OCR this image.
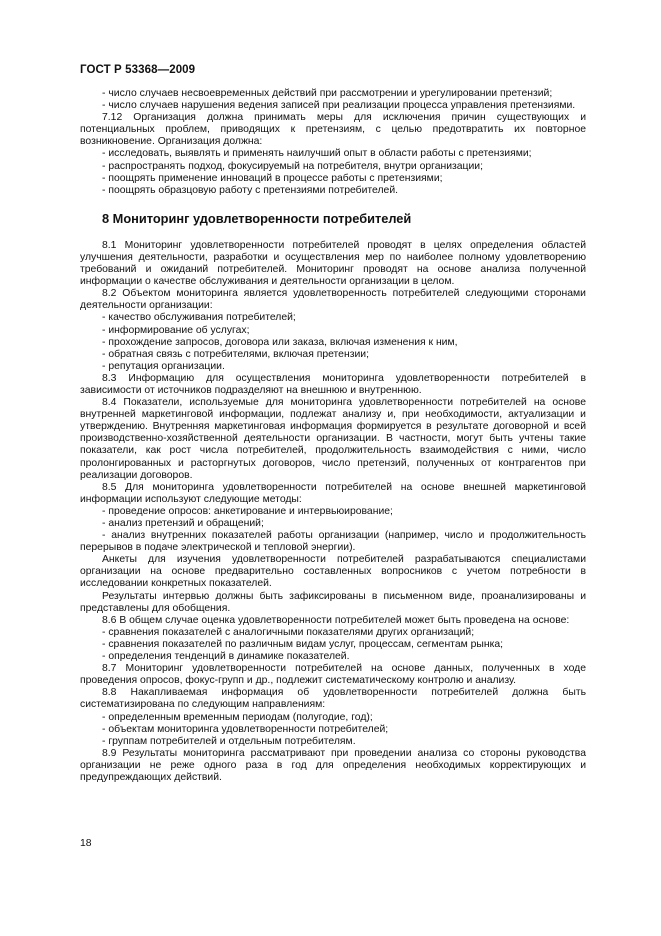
ГОСТ Р 53368—2009

- число случаев несвоевременных действий при рассмотрении и урегулировании претензий;

- число случаев нарушения ведения записей при реализации процесса управления претензиями.

7.12 Организация должна принимать меры для исключения причин существующих и потенциальных проблем, приводящих к претензиям, с целью предотвратить их повторное возникновение. Организация должна:

- исследовать, выявлять и применять наилучший опыт в области работы с претензиями;

- распространять подход, фокусируемый на потребителя, внутри организации;

- поощрять применение инноваций в процессе работы с претензиями;

- поощрять образцовую работу с претензиями потребителей.

8 Мониторинг удовлетворенности потребителей

8.1 Мониторинг удовлетворенности потребителей проводят в целях определения областей улучшения деятельности, разработки и осуществления мер по наиболее полному удовлетворению требований и ожиданий потребителей. Мониторинг проводят на основе анализа полученной информации о качестве обслуживания и деятельности организации в целом.

8.2 Объектом мониторинга является удовлетворенность потребителей следующими сторонами деятельности организации:

- качество обслуживания потребителей;

- информирование об услугах;

- прохождение запросов, договора или заказа, включая изменения к ним,

- обратная связь с потребителями, включая претензии;

- репутация организации.

8.3 Информацию для осуществления мониторинга удовлетворенности потребителей в зависимости от источников подразделяют на внешнюю и внутреннюю.

8.4 Показатели, используемые для мониторинга удовлетворенности потребителей на основе внутренней маркетинговой информации, подлежат анализу и, при необходимости, актуализации и утверждению. Внутренняя маркетинговая информация формируется в результате договорной и всей производственно-хозяйственной деятельности организации. В частности, могут быть учтены такие показатели, как рост числа потребителей, продолжительность взаимодействия с ними, число пролонгированных и расторгнутых договоров, число претензий, полученных от контрагентов при реализации договоров.

8.5 Для мониторинга удовлетворенности потребителей на основе внешней маркетинговой информации используют следующие методы:

- проведение опросов: анкетирование и интервьюирование;

- анализ претензий и обращений;

- анализ внутренних показателей работы организации (например, число и продолжительность перерывов в подаче электрической и тепловой энергии).

Анкеты для изучения удовлетворенности потребителей разрабатываются специалистами организации на основе предварительно составленных вопросников с учетом потребности в исследовании конкретных показателей.

Результаты интервью должны быть зафиксированы в письменном виде, проанализированы и представлены для обобщения.

8.6 В общем случае оценка удовлетворенности потребителей может быть проведена на основе:

- сравнения показателей с аналогичными показателями других организаций;

- сравнения показателей по различным видам услуг, процессам, сегментам рынка;

- определения тенденций в динамике показателей.

8.7 Мониторинг удовлетворенности потребителей на основе данных, полученных в ходе проведения опросов, фокус-групп и др., подлежит систематическому контролю и анализу.

8.8 Накапливаемая информация об удовлетворенности потребителей должна быть систематизирована по следующим направлениям:

- определенным временным периодам (полугодие, год);

- объектам мониторинга удовлетворенности потребителей;

- группам потребителей и отдельным потребителям.

8.9 Результаты мониторинга рассматривают при проведении анализа со стороны руководства организации не реже одного раза в год для определения необходимых корректирующих и предупреждающих действий.

18
